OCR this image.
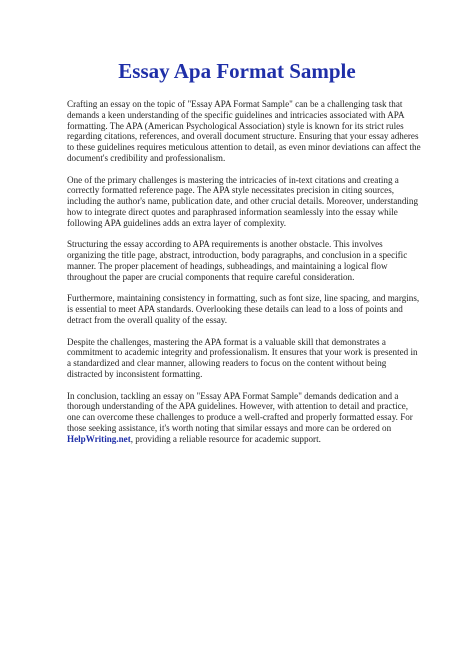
Essay Apa Format Sample

Crafting an essay on the topic of "Essay APA Format Sample" can be a challenging task that demands a keen understanding of the specific guidelines and intricacies associated with APA formatting. The APA (American Psychological Association) style is known for its strict rules regarding citations, references, and overall document structure. Ensuring that your essay adheres to these guidelines requires meticulous attention to detail, as even minor deviations can affect the document's credibility and professionalism.

One of the primary challenges is mastering the intricacies of in-text citations and creating a correctly formatted reference page. The APA style necessitates precision in citing sources, including the author's name, publication date, and other crucial details. Moreover, understanding how to integrate direct quotes and paraphrased information seamlessly into the essay while following APA guidelines adds an extra layer of complexity.

Structuring the essay according to APA requirements is another obstacle. This involves organizing the title page, abstract, introduction, body paragraphs, and conclusion in a specific manner. The proper placement of headings, subheadings, and maintaining a logical flow throughout the paper are crucial components that require careful consideration.

Furthermore, maintaining consistency in formatting, such as font size, line spacing, and margins, is essential to meet APA standards. Overlooking these details can lead to a loss of points and detract from the overall quality of the essay.

Despite the challenges, mastering the APA format is a valuable skill that demonstrates a commitment to academic integrity and professionalism. It ensures that your work is presented in a standardized and clear manner, allowing readers to focus on the content without being distracted by inconsistent formatting.

In conclusion, tackling an essay on "Essay APA Format Sample" demands dedication and a thorough understanding of the APA guidelines. However, with attention to detail and practice, one can overcome these challenges to produce a well-crafted and properly formatted essay. For those seeking assistance, it's worth noting that similar essays and more can be ordered on HelpWriting.net, providing a reliable resource for academic support.
